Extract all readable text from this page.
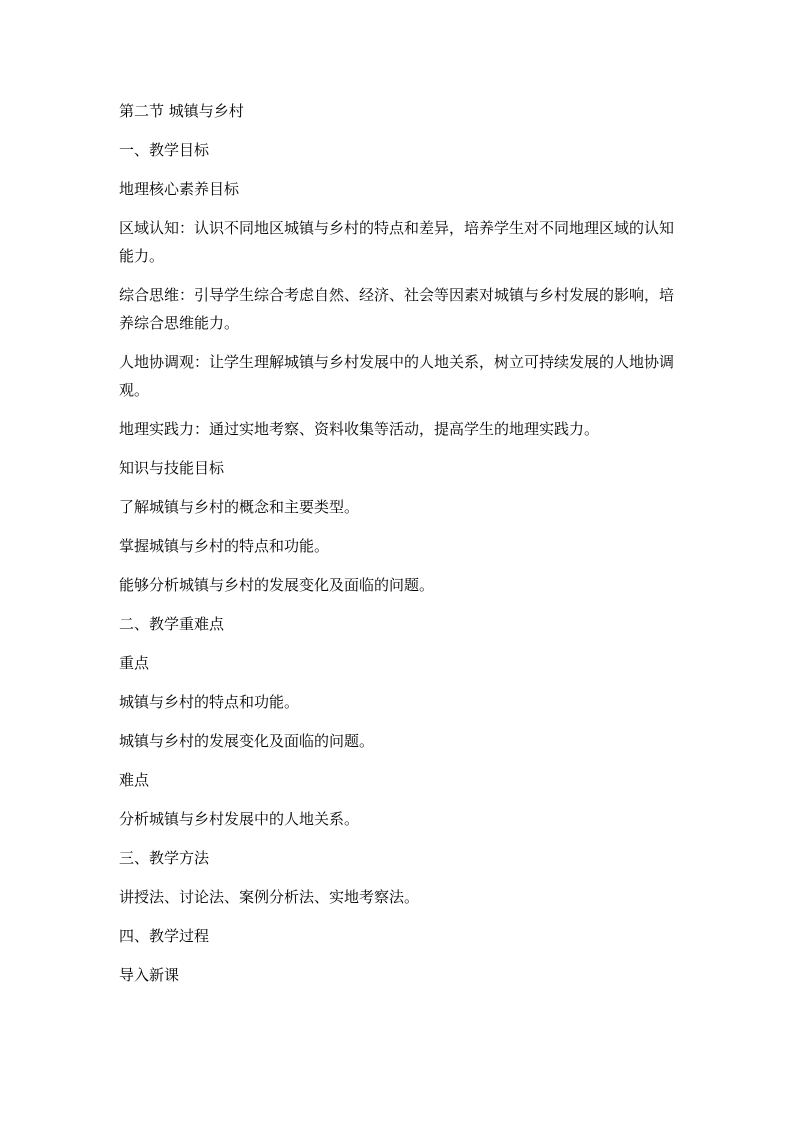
第二节 城镇与乡村

一、教学目标

地理核心素养目标

区域认知：认识不同地区城镇与乡村的特点和差异，培养学生对不同地理区域的认知能力。

综合思维：引导学生综合考虑自然、经济、社会等因素对城镇与乡村发展的影响，培养综合思维能力。

人地协调观：让学生理解城镇与乡村发展中的人地关系，树立可持续发展的人地协调观。

地理实践力：通过实地考察、资料收集等活动，提高学生的地理实践力。

知识与技能目标

了解城镇与乡村的概念和主要类型。

掌握城镇与乡村的特点和功能。

能够分析城镇与乡村的发展变化及面临的问题。

二、教学重难点

重点

城镇与乡村的特点和功能。

城镇与乡村的发展变化及面临的问题。

难点

分析城镇与乡村发展中的人地关系。

三、教学方法

讲授法、讨论法、案例分析法、实地考察法。

四、教学过程

导入新课
